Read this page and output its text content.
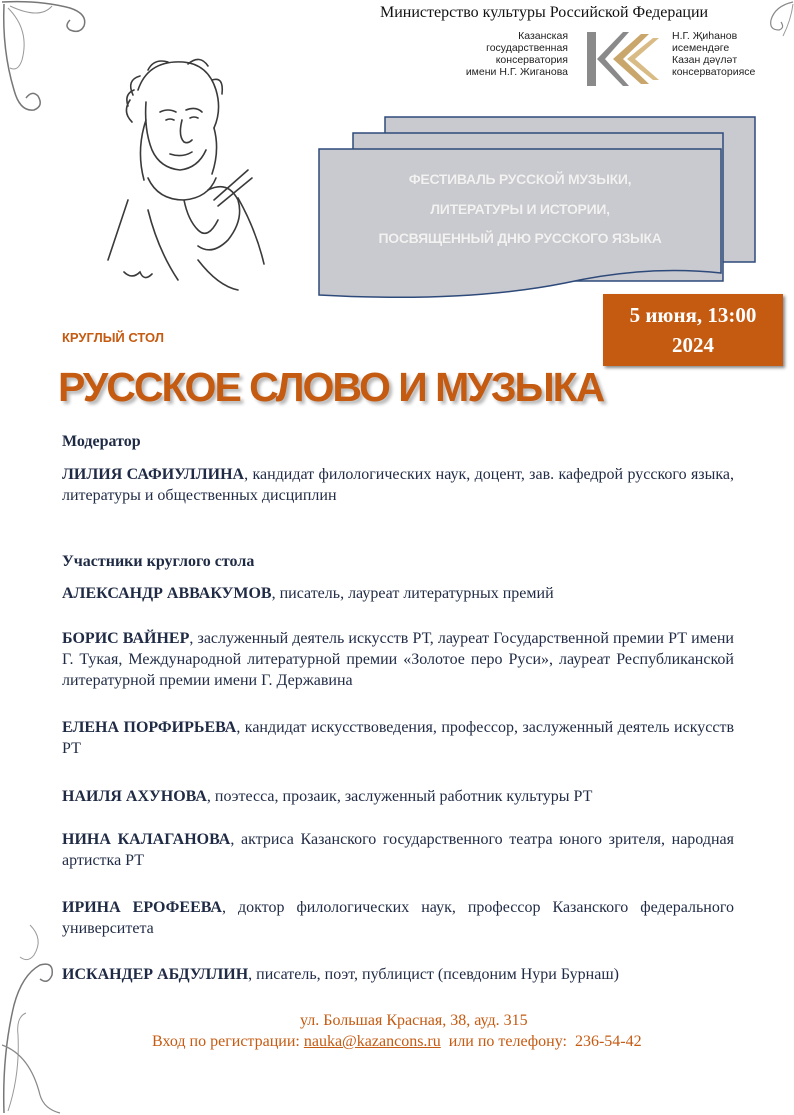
Министерство культуры Российской Федерации
Казанская
государственная
консерватория
имени Н.Г. Жиганова
Н.Г. Җиһанов
исемендәге
Казан дәүләт
консерваториясе
ФЕСТИВАЛЬ РУССКОЙ МУЗЫКИ,
ЛИТЕРАТУРЫ И ИСТОРИИ,
ПОСВЯЩЕННЫЙ ДНЮ РУССКОГО ЯЗЫКА
5 июня, 13:00
2024
КРУГЛЫЙ СТОЛ
РУССКОЕ СЛОВО И МУЗЫКА
Модератор
ЛИЛИЯ САФИУЛЛИНА, кандидат филологических наук, доцент, зав. кафедрой русского языка, литературы и общественных дисциплин
Участники круглого стола
АЛЕКСАНДР АВВАКУМОВ, писатель, лауреат литературных премий
БОРИС ВАЙНЕР, заслуженный деятель искусств РТ, лауреат Государственной премии РТ имени Г. Тукая, Международной литературной премии «Золотое перо Руси», лауреат Республиканской литературной премии имени Г. Державина
ЕЛЕНА ПОРФИРЬЕВА, кандидат искусствоведения, профессор, заслуженный деятель искусств РТ
НАИЛЯ АХУНОВА, поэтесса, прозаик, заслуженный работник культуры РТ
НИНА КАЛАГАНОВА, актриса Казанского государственного театра юного зрителя, народная артистка РТ
ИРИНА ЕРОФЕЕВА, доктор филологических наук, профессор Казанского федерального университета
ИСКАНДЕР АБДУЛЛИН, писатель, поэт, публицист (псевдоним Нури Бурнаш)
ул. Большая Красная, 38, ауд. 315
Вход по регистрации: nauka@kazancons.ru  или по телефону:  236-54-42
